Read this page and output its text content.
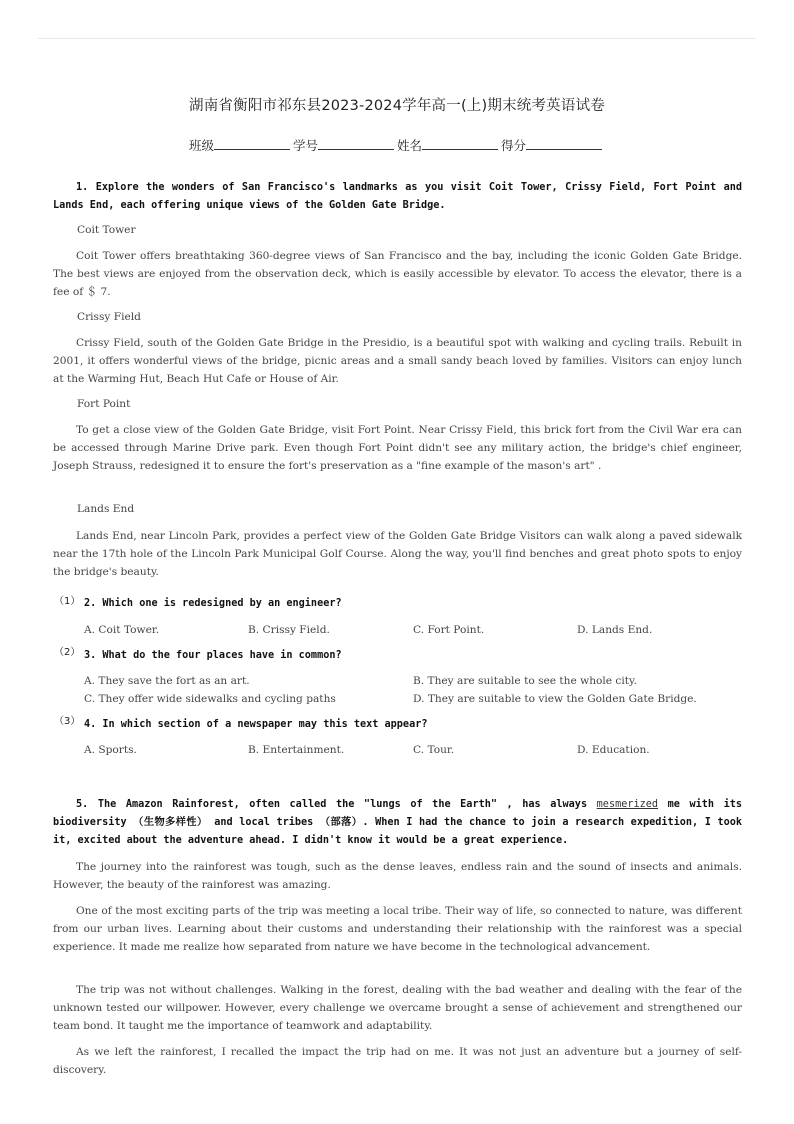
湖南省衡阳市祁东县2023-2024学年高一(上)期末统考英语试卷
班级	学号	姓名	得分
1. Explore the wonders of San Francisco's landmarks as you visit Coit Tower, Crissy Field, Fort Point and Lands End, each offering unique views of the Golden Gate Bridge.
Coit Tower
Coit Tower offers breathtaking 360-degree views of San Francisco and the bay, including the iconic Golden Gate Bridge. The best views are enjoyed from the observation deck, which is easily accessible by elevator. To access the elevator, there is a fee of ＄ 7.
Crissy Field
Crissy Field, south of the Golden Gate Bridge in the Presidio, is a beautiful spot with walking and cycling trails. Rebuilt in 2001, it offers wonderful views of the bridge, picnic areas and a small sandy beach loved by families. Visitors can enjoy lunch at the Warming Hut, Beach Hut Cafe or House of Air.
Fort Point
To get a close view of the Golden Gate Bridge, visit Fort Point. Near Crissy Field, this brick fort from the Civil War era can be accessed through Marine Drive park. Even though Fort Point didn't see any military action, the bridge's chief engineer, Joseph Strauss, redesigned it to ensure the fort's preservation as a "fine example of the mason's art" .
Lands End
Lands End, near Lincoln Park, provides a perfect view of the Golden Gate Bridge Visitors can walk along a paved sidewalk near the 17th hole of the Lincoln Park Municipal Golf Course. Along the way, you'll find benches and great photo spots to enjoy the bridge's beauty.
（1） 2. Which one is redesigned by an engineer?
A. Coit Tower.	B. Crissy Field.	C. Fort Point.	D. Lands End.
（2） 3. What do the four places have in common?
A. They save the fort as an art.	B. They are suitable to see the whole city.
C. They offer wide sidewalks and cycling paths	D. They are suitable to view the Golden Gate Bridge.
（3） 4. In which section of a newspaper may this text appear?
A. Sports.	B. Entertainment.	C. Tour.	D. Education.
5. The Amazon Rainforest, often called the "lungs of the Earth" , has always mesmerized me with its biodiversity （生物多样性） and local tribes （部落）. When I had the chance to join a research expedition, I took it, excited about the adventure ahead. I didn't know it would be a great experience.
The journey into the rainforest was tough, such as the dense leaves, endless rain and the sound of insects and animals. However, the beauty of the rainforest was amazing.
One of the most exciting parts of the trip was meeting a local tribe. Their way of life, so connected to nature, was different from our urban lives. Learning about their customs and understanding their relationship with the rainforest was a special experience. It made me realize how separated from nature we have become in the technological advancement.
The trip was not without challenges. Walking in the forest, dealing with the bad weather and dealing with the fear of the unknown tested our willpower. However, every challenge we overcame brought a sense of achievement and strengthened our team bond. It taught me the importance of teamwork and adaptability.
As we left the rainforest, I recalled the impact the trip had on me. It was not just an adventure but a journey of self-discovery.
